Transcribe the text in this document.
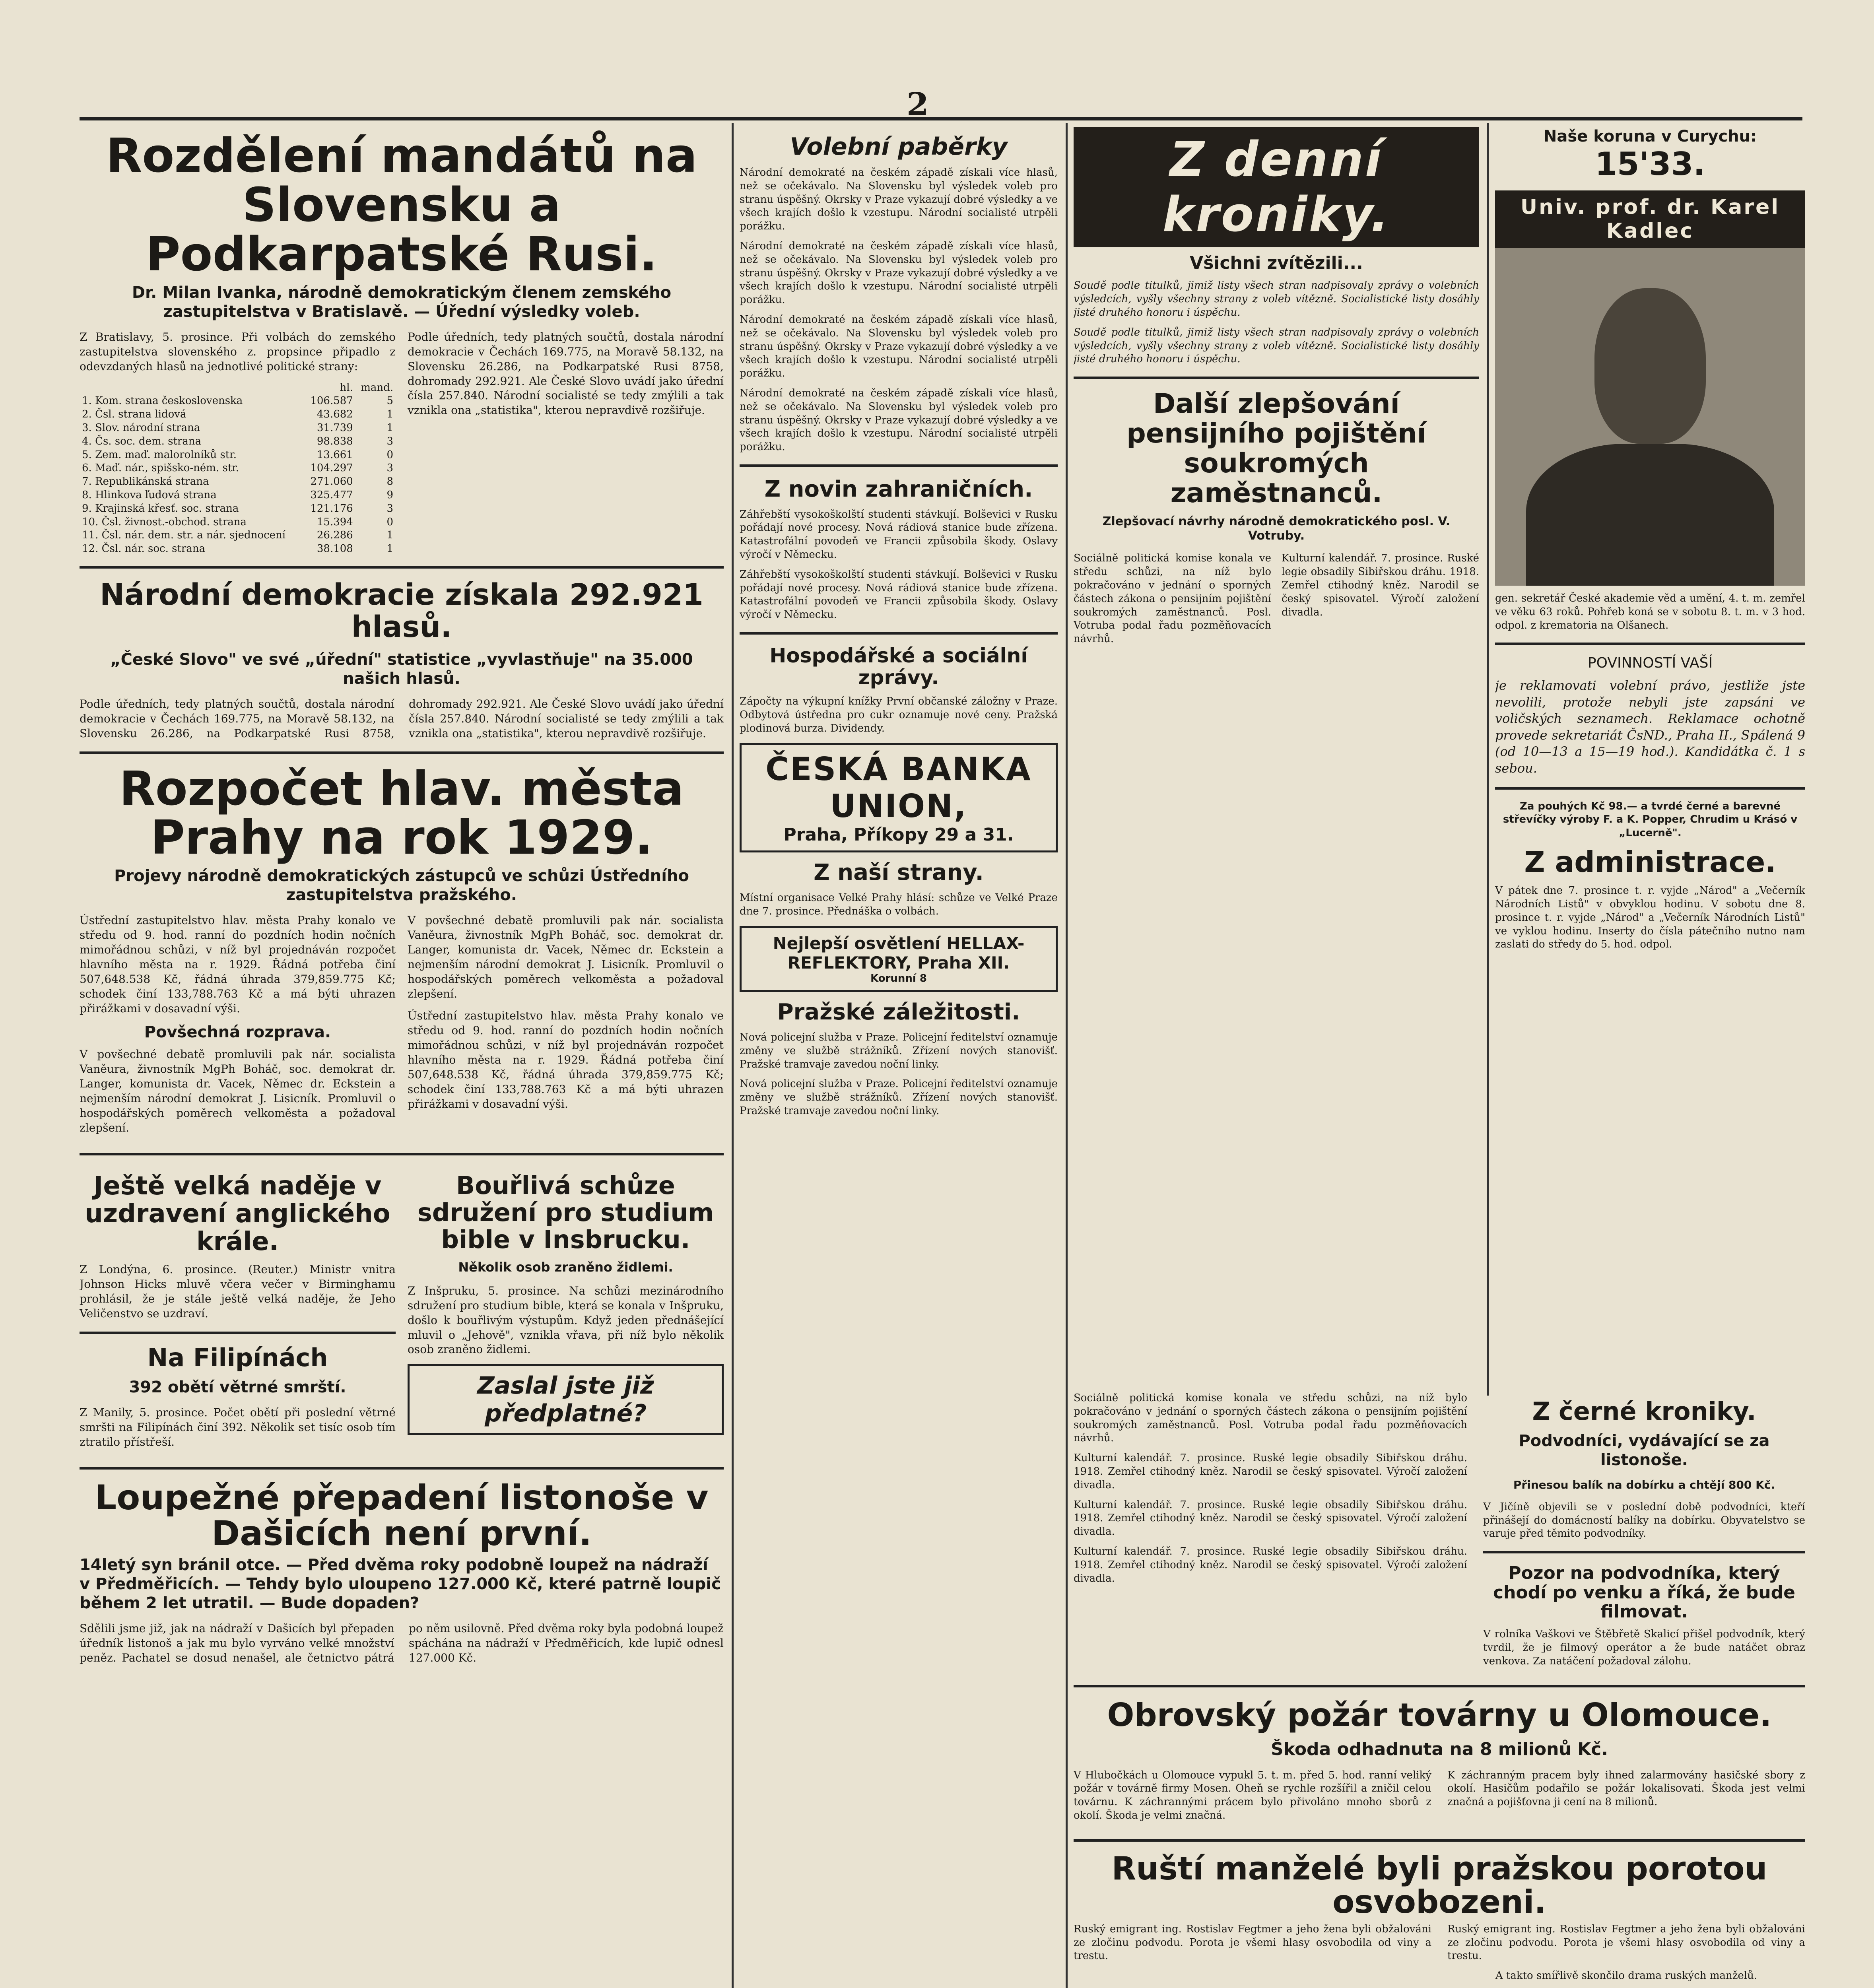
2
Rozdělení mandátů na Slovensku a Podkarpatské Rusi.
Dr. Milan Ivanka, národně demokratickým členem zemského zastupitelstva v Bratislavě. — Úřední výsledky voleb.

Z Bratislavy, 5. prosince. Při volbách do zemského zastupitelstva slovenského z. propsince připadlo z odevzdaných hlasů na jednotlivé politické strany:

	hl.	mand.
1. Kom. strana československa	106.587	5
2. Čsl. strana lidová	43.682	1
3. Slov. národní strana	31.739	1
4. Čs. soc. dem. strana	98.838	3
5. Zem. maď. malorolníků str.	13.661	0
6. Maď. nár., spišsko-ném. str.	104.297	3
7. Republikánská strana	271.060	8
8. Hlinkova ľudová strana	325.477	9
9. Krajinská křesť. soc. strana	121.176	3
10. Čsl. živnost.-obchod. strana	15.394	0
11. Čsl. nár. dem. str. a nár. sjednocení	26.286	1
12. Čsl. nár. soc. strana	38.108	1

Podle úředních, tedy platných součtů, dostala národní demokracie v Čechách 169.775, na Moravě 58.132, na Slovensku 26.286, na Podkarpatské Rusi 8758, dohromady 292.921. Ale České Slovo uvádí jako úřední čísla 257.840. Národní socialisté se tedy zmýlili a tak vznikla ona „statistika", kterou nepravdivě rozšiřuje.

Národní demokracie získala 292.921 hlasů.
„České Slovo" ve své „úřední" statistice „vyvlastňuje" na 35.000 našich hlasů.

Podle úředních, tedy platných součtů, dostala národní demokracie v Čechách 169.775, na Moravě 58.132, na Slovensku 26.286, na Podkarpatské Rusi 8758, dohromady 292.921. Ale České Slovo uvádí jako úřední čísla 257.840. Národní socialisté se tedy zmýlili a tak vznikla ona „statistika", kterou nepravdivě rozšiřuje.

Rozpočet hlav. města Prahy na rok 1929.
Projevy národně demokratických zástupců ve schůzi Ústředního zastupitelstva pražského.

Ústřední zastupitelstvo hlav. města Prahy konalo ve středu od 9. hod. ranní do pozdních hodin nočních mimořádnou schůzi, v níž byl projednáván rozpočet hlavního města na r. 1929. Řádná potřeba činí 507,648.538 Kč, řádná úhrada 379,859.775 Kč; schodek činí 133,788.763 Kč a má býti uhrazen přirážkami v dosavadní výši.

Povšechná rozprava.

V povšechné debatě promluvili pak nár. socialista Vaněura, živnostník MgPh Boháč, soc. demokrat dr. Langer, komunista dr. Vacek, Němec dr. Eckstein a nejmenším národní demokrat J. Lisicník. Promluvil o hospodářských poměrech velkoměsta a požadoval zlepšení.

V povšechné debatě promluvili pak nár. socialista Vaněura, živnostník MgPh Boháč, soc. demokrat dr. Langer, komunista dr. Vacek, Němec dr. Eckstein a nejmenším národní demokrat J. Lisicník. Promluvil o hospodářských poměrech velkoměsta a požadoval zlepšení.

Ústřední zastupitelstvo hlav. města Prahy konalo ve středu od 9. hod. ranní do pozdních hodin nočních mimořádnou schůzi, v níž byl projednáván rozpočet hlavního města na r. 1929. Řádná potřeba činí 507,648.538 Kč, řádná úhrada 379,859.775 Kč; schodek činí 133,788.763 Kč a má býti uhrazen přirážkami v dosavadní výši.

Ještě velká naděje v uzdravení anglického krále.

Z Londýna, 6. prosince. (Reuter.) Ministr vnitra Johnson Hicks mluvě včera večer v Birminghamu prohlásil, že je stále ještě velká naděje, že Jeho Veličenstvo se uzdraví.

Na Filipínách
392 obětí větrné smrští.

Z Manily, 5. prosince. Počet obětí při poslední větrné smršti na Filipínách činí 392. Několik set tisíc osob tím ztratilo přístřeší.

Bouřlivá schůze sdružení pro studium bible v Insbrucku.
Několik osob zraněno židlemi.

Z Inšpruku, 5. prosince. Na schůzi mezinárodního sdružení pro studium bible, která se konala v Inšpruku, došlo k bouřlivým výstupům. Když jeden přednášející mluvil o „Jehově", vznikla vřava, při níž bylo několik osob zraněno židlemi.

Zaslal jste již předplatné?
Loupežné přepadení listonoše v Dašicích není první.
14letý syn bránil otce. — Před dvěma roky podobně loupež na nádraží v Předměřicích. — Tehdy bylo uloupeno 127.000 Kč, které patrně loupič během 2 let utratil. — Bude dopaden?

Sdělili jsme již, jak na nádraží v Dašicích byl přepaden úředník listonoš a jak mu bylo vyrváno velké množství peněz. Pachatel se dosud nenašel, ale četnictvo pátrá po něm usilovně. Před dvěma roky byla podobná loupež spáchána na nádraží v Předměřicích, kde lupič odnesl 127.000 Kč.

Volební paběrky

Národní demokraté na českém západě získali více hlasů, než se očekávalo. Na Slovensku byl výsledek voleb pro stranu úspěšný. Okrsky v Praze vykazují dobré výsledky a ve všech krajích došlo k vzestupu. Národní socialisté utrpěli porážku.

Národní demokraté na českém západě získali více hlasů, než se očekávalo. Na Slovensku byl výsledek voleb pro stranu úspěšný. Okrsky v Praze vykazují dobré výsledky a ve všech krajích došlo k vzestupu. Národní socialisté utrpěli porážku.

Národní demokraté na českém západě získali více hlasů, než se očekávalo. Na Slovensku byl výsledek voleb pro stranu úspěšný. Okrsky v Praze vykazují dobré výsledky a ve všech krajích došlo k vzestupu. Národní socialisté utrpěli porážku.

Národní demokraté na českém západě získali více hlasů, než se očekávalo. Na Slovensku byl výsledek voleb pro stranu úspěšný. Okrsky v Praze vykazují dobré výsledky a ve všech krajích došlo k vzestupu. Národní socialisté utrpěli porážku.

Z novin zahraničních.

Záhřebští vysokoškolští studenti stávkují. Bolševici v Rusku pořádají nové procesy. Nová rádiová stanice bude zřízena. Katastrofální povodeň ve Francii způsobila škody. Oslavy výročí v Německu.

Záhřebští vysokoškolští studenti stávkují. Bolševici v Rusku pořádají nové procesy. Nová rádiová stanice bude zřízena. Katastrofální povodeň ve Francii způsobila škody. Oslavy výročí v Německu.

Hospodářské a sociální zprávy.

Zápočty na výkupní knížky První občanské záložny v Praze. Odbytová ústředna pro cukr oznamuje nové ceny. Pražská plodinová burza. Dividendy.

ČESKÁ BANKA UNION,
Praha, Příkopy 29 a 31.
Z naší strany.

Místní organisace Velké Prahy hlásí: schůze ve Velké Praze dne 7. prosince. Přednáška o volbách.

Nejlepší osvětlení HELLAX-REFLEKTORY, Praha XII.
Korunní 8
Pražské záležitosti.

Nová policejní služba v Praze. Policejní ředitelství oznamuje změny ve službě strážníků. Zřízení nových stanovišť. Pražské tramvaje zavedou noční linky.

Nová policejní služba v Praze. Policejní ředitelství oznamuje změny ve službě strážníků. Zřízení nových stanovišť. Pražské tramvaje zavedou noční linky.

Z denní kroniky.
Všichni zvítězili...

Soudě podle titulků, jimiž listy všech stran nadpisovaly zprávy o volebních výsledcích, vyšly všechny strany z voleb vítězně. Socialistické listy dosáhly jisté druhého honoru i úspěchu.

Soudě podle titulků, jimiž listy všech stran nadpisovaly zprávy o volebních výsledcích, vyšly všechny strany z voleb vítězně. Socialistické listy dosáhly jisté druhého honoru i úspěchu.

Další zlepšování pensijního pojištění soukromých zaměstnanců.
Zlepšovací návrhy národně demokratického posl. V. Votruby.

Sociálně politická komise konala ve středu schůzi, na níž bylo pokračováno v jednání o sporných částech zákona o pensijním pojištění soukromých zaměstnanců. Posl. Votruba podal řadu pozměňovacích návrhů.

Kulturní kalendář. 7. prosince. Ruské legie obsadily Sibiřskou dráhu. 1918. Zemřel ctihodný kněz. Narodil se český spisovatel. Výročí založení divadla.

Naše koruna v Curychu:
15'33.
Univ. prof. dr. Karel Kadlec

gen. sekretář České akademie věd a umění, 4. t. m. zemřel ve věku 63 roků. Pohřeb koná se v sobotu 8. t. m. v 3 hod. odpol. z krematoria na Olšanech.

POVINNOSTÍ VAŠÍ

je reklamovati volební právo, jestliže jste nevolili, protože nebyli jste zapsáni ve voličských seznamech. Reklamace ochotně provede sekretariát ČsND., Praha II., Spálená 9 (od 10—13 a 15—19 hod.). Kandidátka č. 1 s sebou.

Za pouhých Kč 98.— a tvrdé černé a barevné střevíčky výroby F. a K. Popper, Chrudim u Krásó v „Lucerně".

Z administrace.

V pátek dne 7. prosince t. r. vyjde „Národ" a „Večerník Národních Listů" v obvyklou hodinu. V sobotu dne 8. prosince t. r. vyjde „Národ" a „Večerník Národních Listů" ve vyklou hodinu. Inserty do čísla pátečního nutno nam zaslati do středy do 5. hod. odpol.

Sociálně politická komise konala ve středu schůzi, na níž bylo pokračováno v jednání o sporných částech zákona o pensijním pojištění soukromých zaměstnanců. Posl. Votruba podal řadu pozměňovacích návrhů.

Kulturní kalendář. 7. prosince. Ruské legie obsadily Sibiřskou dráhu. 1918. Zemřel ctihodný kněz. Narodil se český spisovatel. Výročí založení divadla.

Kulturní kalendář. 7. prosince. Ruské legie obsadily Sibiřskou dráhu. 1918. Zemřel ctihodný kněz. Narodil se český spisovatel. Výročí založení divadla.

Kulturní kalendář. 7. prosince. Ruské legie obsadily Sibiřskou dráhu. 1918. Zemřel ctihodný kněz. Narodil se český spisovatel. Výročí založení divadla.

Z černé kroniky.
Podvodníci, vydávající se za listonoše.
Přinesou balík na dobírku a chtějí 800 Kč.

V Jičíně objevili se v poslední době podvodníci, kteří přinášejí do domácností balíky na dobírku. Obyvatelstvo se varuje před těmito podvodníky.

Pozor na podvodníka, který chodí po venku a říká, že bude filmovat.

V rolníka Vaškovi ve Štěbřetě Skalicí přišel podvodník, který tvrdil, že je filmový operátor a že bude natáčet obraz venkova. Za natáčení požadoval zálohu.

Obrovský požár továrny u Olomouce.
Škoda odhadnuta na 8 milionů Kč.

V Hlubočkách u Olomouce vypukl 5. t. m. před 5. hod. ranní veliký požár v továrně firmy Mosen. Oheň se rychle rozšířil a zničil celou továrnu. K záchrannými prácem bylo přivoláno mnoho sborů z okolí. Škoda je velmi značná.

K záchranným pracem byly ihned zalarmovány hasičské sbory z okolí. Hasičům podařilo se požár lokalisovati. Škoda jest velmi značná a pojišťovna ji cení na 8 milionů.

Ruští manželé byli pražskou porotou osvobozeni.

Ruský emigrant ing. Rostislav Fegtmer a jeho žena byli obžalováni ze zločinu podvodu. Porota je všemi hlasy osvobodila od viny a trestu.

Ruský emigrant ing. Rostislav Fegtmer a jeho žena byli obžalováni ze zločinu podvodu. Porota je všemi hlasy osvobodila od viny a trestu.

A takto smířlivě skončilo drama ruských manželů.
